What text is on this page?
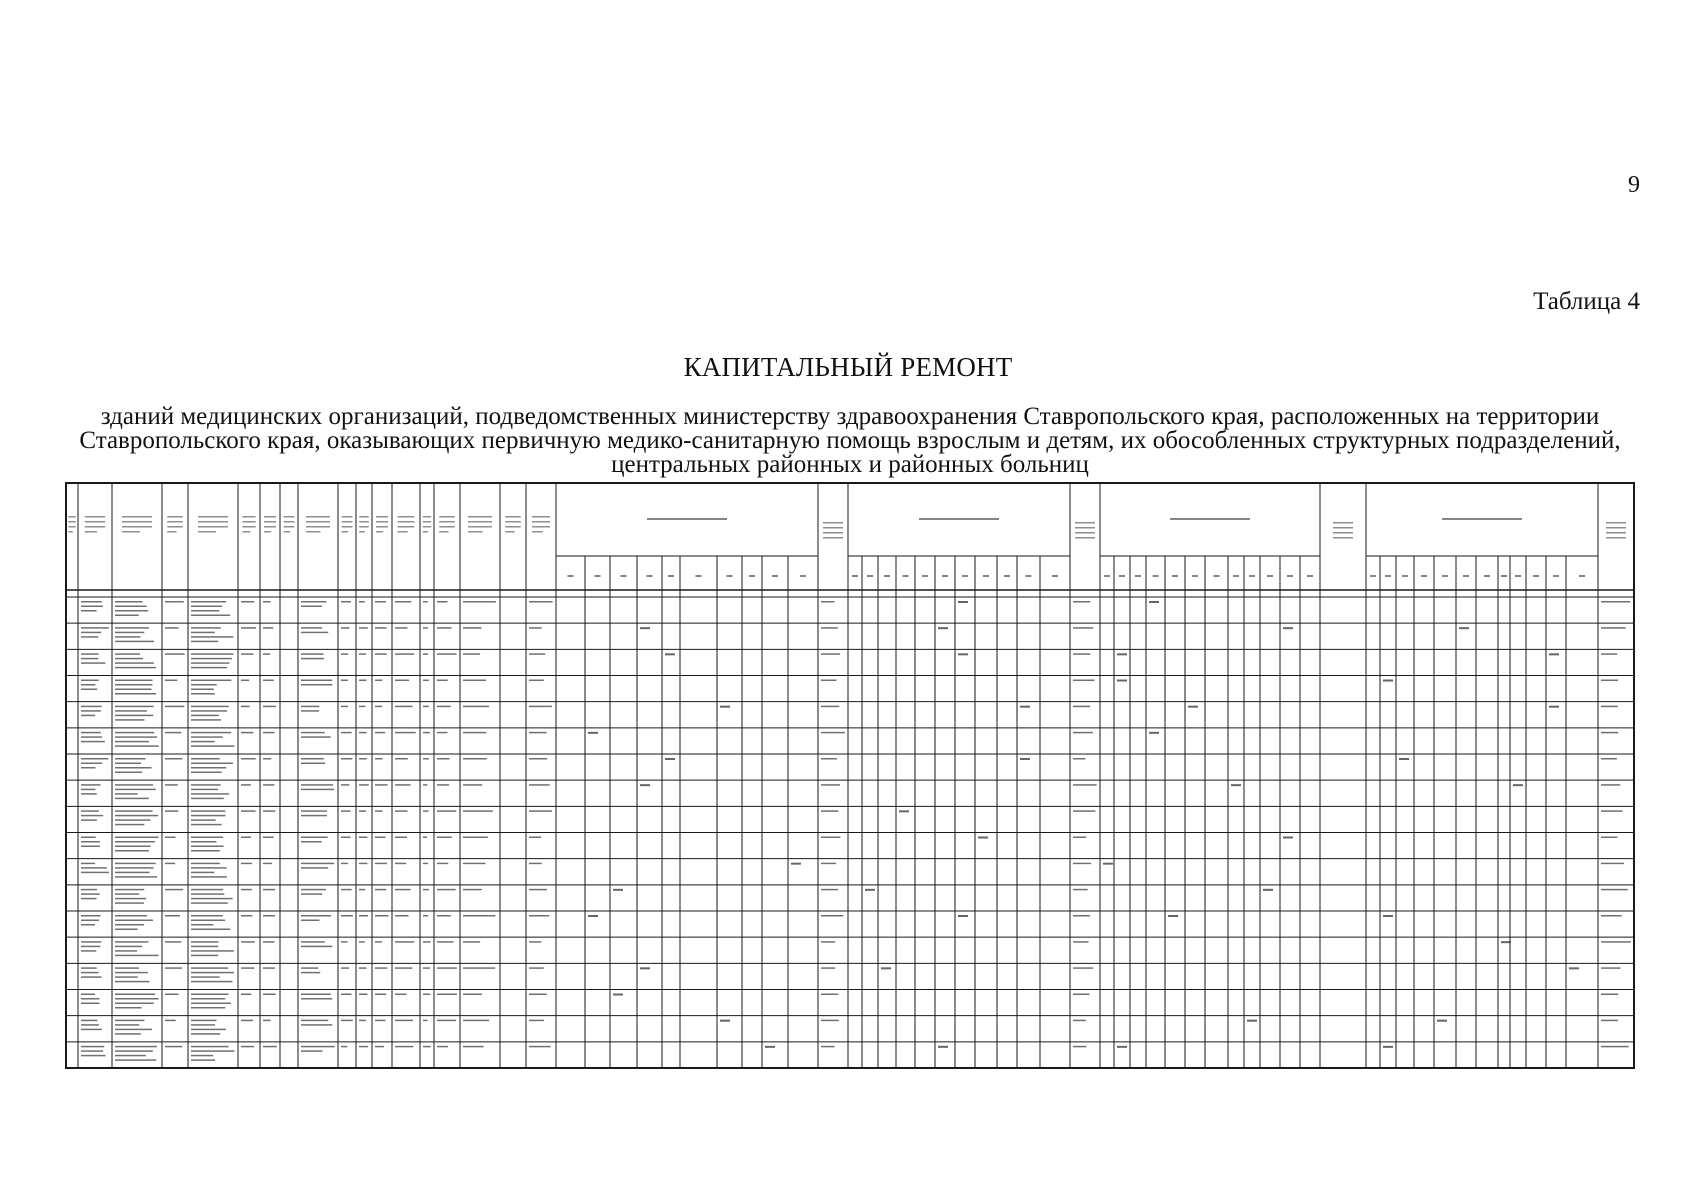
9
Таблица 4
КАПИТАЛЬНЫЙ РЕМОНТ
зданий медицинских организаций, подведомственных министерству здравоохранения Ставропольского края, расположенных на территории Ставропольского края, оказывающих первичную медико-санитарную помощь взрослым и детям, их обособленных структурных подразделений, центральных районных и районных больниц
